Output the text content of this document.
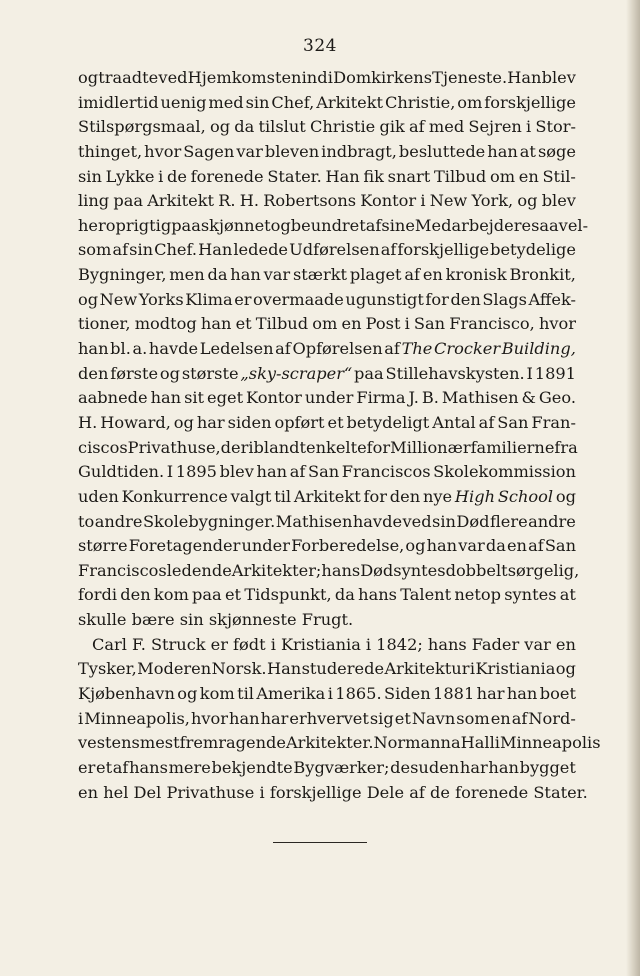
324
og traadte ved Hjemkomsten ind i Domkirkens Tjeneste. Han blev
imidlertid uenig med sin Chef, Arkitekt Christie, om forskjellige
Stilspørgsmaal, og da tilslut Christie gik af med Sejren i Stor-
thinget, hvor Sagen var bleven indbragt, besluttede han at søge
sin Lykke i de forenede Stater. Han fik snart Tilbud om en Stil-
ling paa Arkitekt R. H. Robertsons Kontor i New York, og blev
her oprigtig paaskjønnet og beundret af sine Medarbejdere saavel-
som af sin Chef. Han ledede Udførelsen af forskjellige betydelige
Bygninger, men da han var stærkt plaget af en kronisk Bronkit,
og New Yorks Klima er overmaade ugunstigt for den Slags Affek-
tioner, modtog han et Tilbud om en Post i San Francisco, hvor
han bl. a. havde Ledelsen af Opførelsen af The Crocker Building,
den første og største „sky-scraper“ paa Stillehavskysten. I 1891
aabnede han sit eget Kontor under Firma J. B. Mathisen & Geo.
H. Howard, og har siden opført et betydeligt Antal af San Fran-
ciscos Privathuse, deriblandt enkelte for Millionærfamilierne fra
Guldtiden. I 1895 blev han af San Franciscos Skolekommission
uden Konkurrence valgt til Arkitekt for den nye High School og
to andre Skolebygninger. Mathisen havde ved sin Død flere andre
større Foretagender under Forberedelse, og han var da en af San
Franciscos ledende Arkitekter; hans Død syntes dobbelt sørgelig,
fordi den kom paa et Tidspunkt, da hans Talent netop syntes at
skulle bære sin skjønneste Frugt.
Carl F. Struck er født i Kristiania i 1842; hans Fader var en
Tysker, Moderen Norsk. Han studerede Arkitektur i Kristiania og
Kjøbenhavn og kom til Amerika i 1865. Siden 1881 har han boet
i Minneapolis, hvor han har erhvervet sig et Navn som en af Nord-
vestens mest fremragende Arkitekter. Normanna Hall i Minneapolis
er et af hans mere bekjendte Bygværker; desuden har han bygget
en hel Del Privathuse i forskjellige Dele af de forenede Stater.
